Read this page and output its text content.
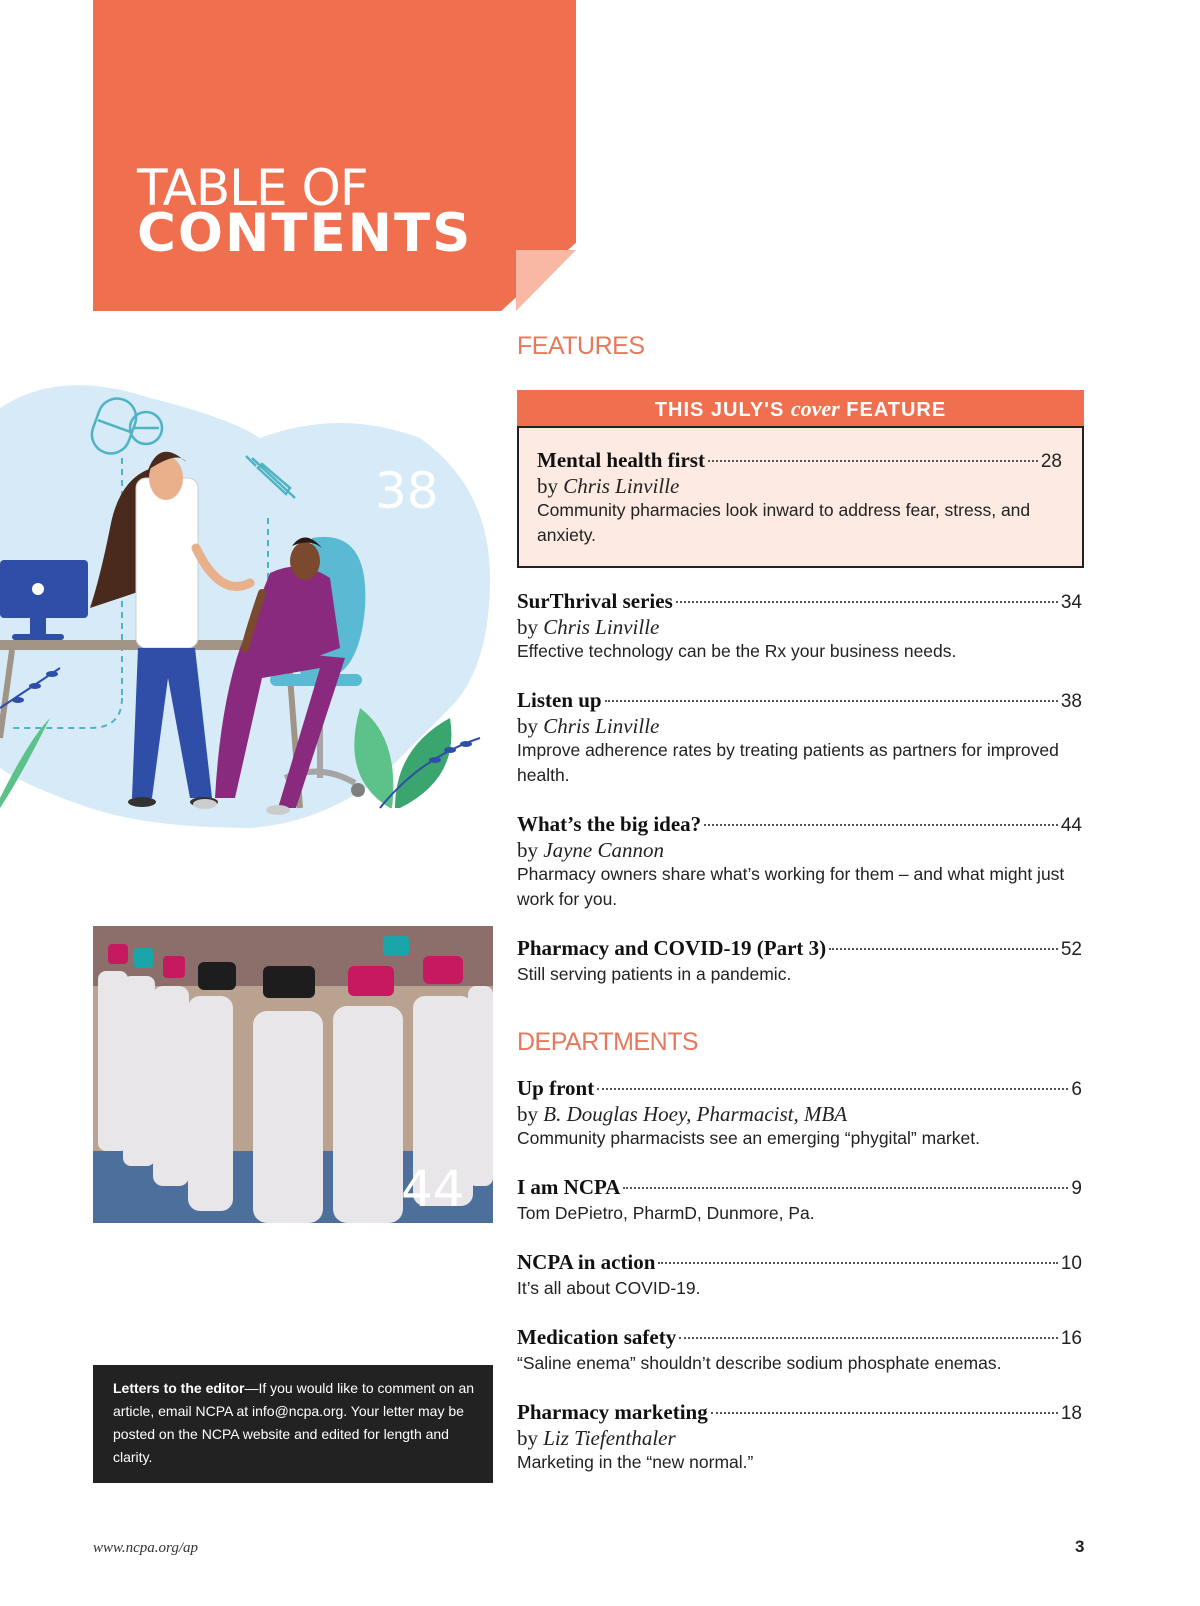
TABLE OF
CONTENTS
38
44
Letters to the editor—If you would like to comment on an article, email NCPA at info@ncpa.org. Your letter may be posted on the NCPA website and edited for length and clarity.
FEATURES
THIS JULY'S cover FEATURE
Mental health first	28
by Chris Linville
Community pharmacies look inward to address fear, stress, and anxiety.
SurThrival series	34
by Chris Linville
Effective technology can be the Rx your business needs.
Listen up	38
by Chris Linville
Improve adherence rates by treating patients as partners for improved health.
What’s the big idea?	44
by Jayne Cannon
Pharmacy owners share what’s working for them – and what might just work for you.
Pharmacy and COVID-19 (Part 3)	52
Still serving patients in a pandemic.
DEPARTMENTS
Up front	6
by B. Douglas Hoey, Pharmacist, MBA
Community pharmacists see an emerging “phygital” market.
I am NCPA	9
Tom DePietro, PharmD, Dunmore, Pa.
NCPA in action	10
It’s all about COVID-19.
Medication safety	16
“Saline enema” shouldn’t describe sodium phosphate enemas.
Pharmacy marketing	18
by Liz Tiefenthaler
Marketing in the “new normal.”
www.ncpa.org/ap	3
